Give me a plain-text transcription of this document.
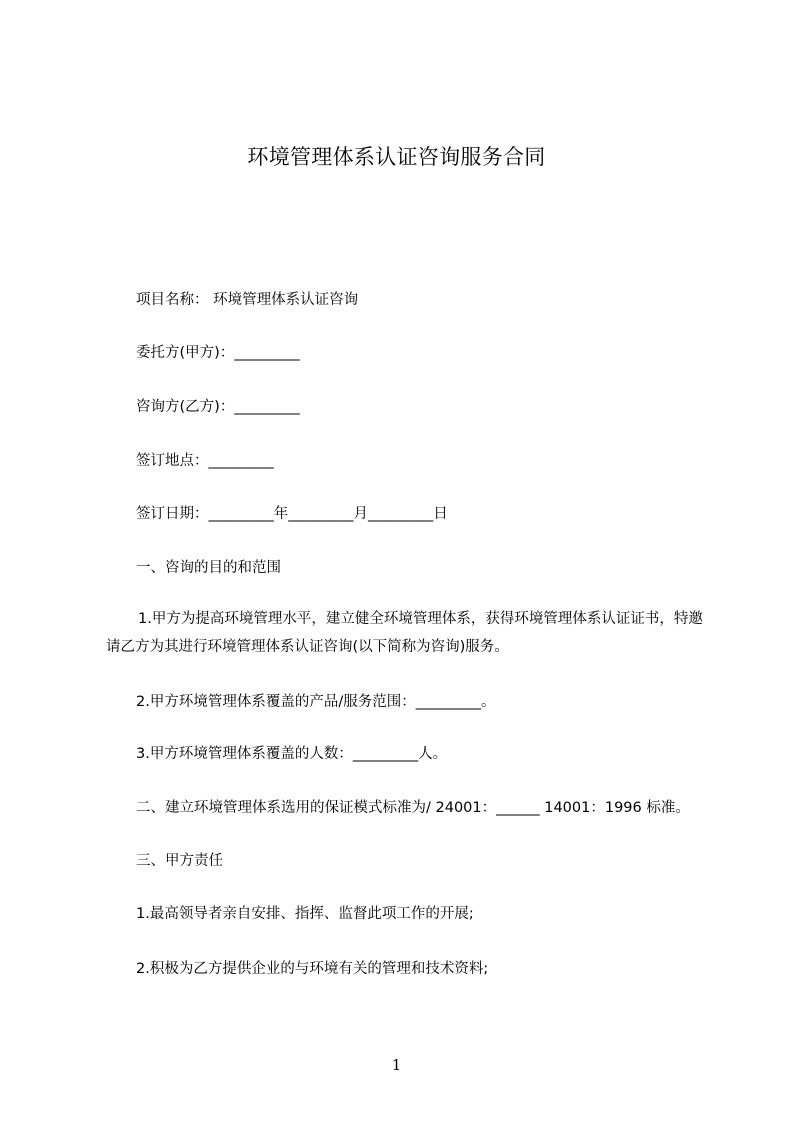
环境管理体系认证咨询服务合同
项目名称： 环境管理体系认证咨询
委托方(甲方)：_________
咨询方(乙方)：_________
签订地点：_________
签订日期：_________年_________月_________日
一、咨询的目的和范围
1.甲方为提高环境管理水平，建立健全环境管理体系，获得环境管理体系认证证书，特邀请乙方为其进行环境管理体系认证咨询(以下简称为咨询)服务。
2.甲方环境管理体系覆盖的产品/服务范围：_________。
3.甲方环境管理体系覆盖的人数：_________人。
二、建立环境管理体系选用的保证模式标准为/ 24001：______ 14001：1996 标准。
三、甲方责任
1.最高领导者亲自安排、指挥、监督此项工作的开展;
2.积极为乙方提供企业的与环境有关的管理和技术资料;
1
